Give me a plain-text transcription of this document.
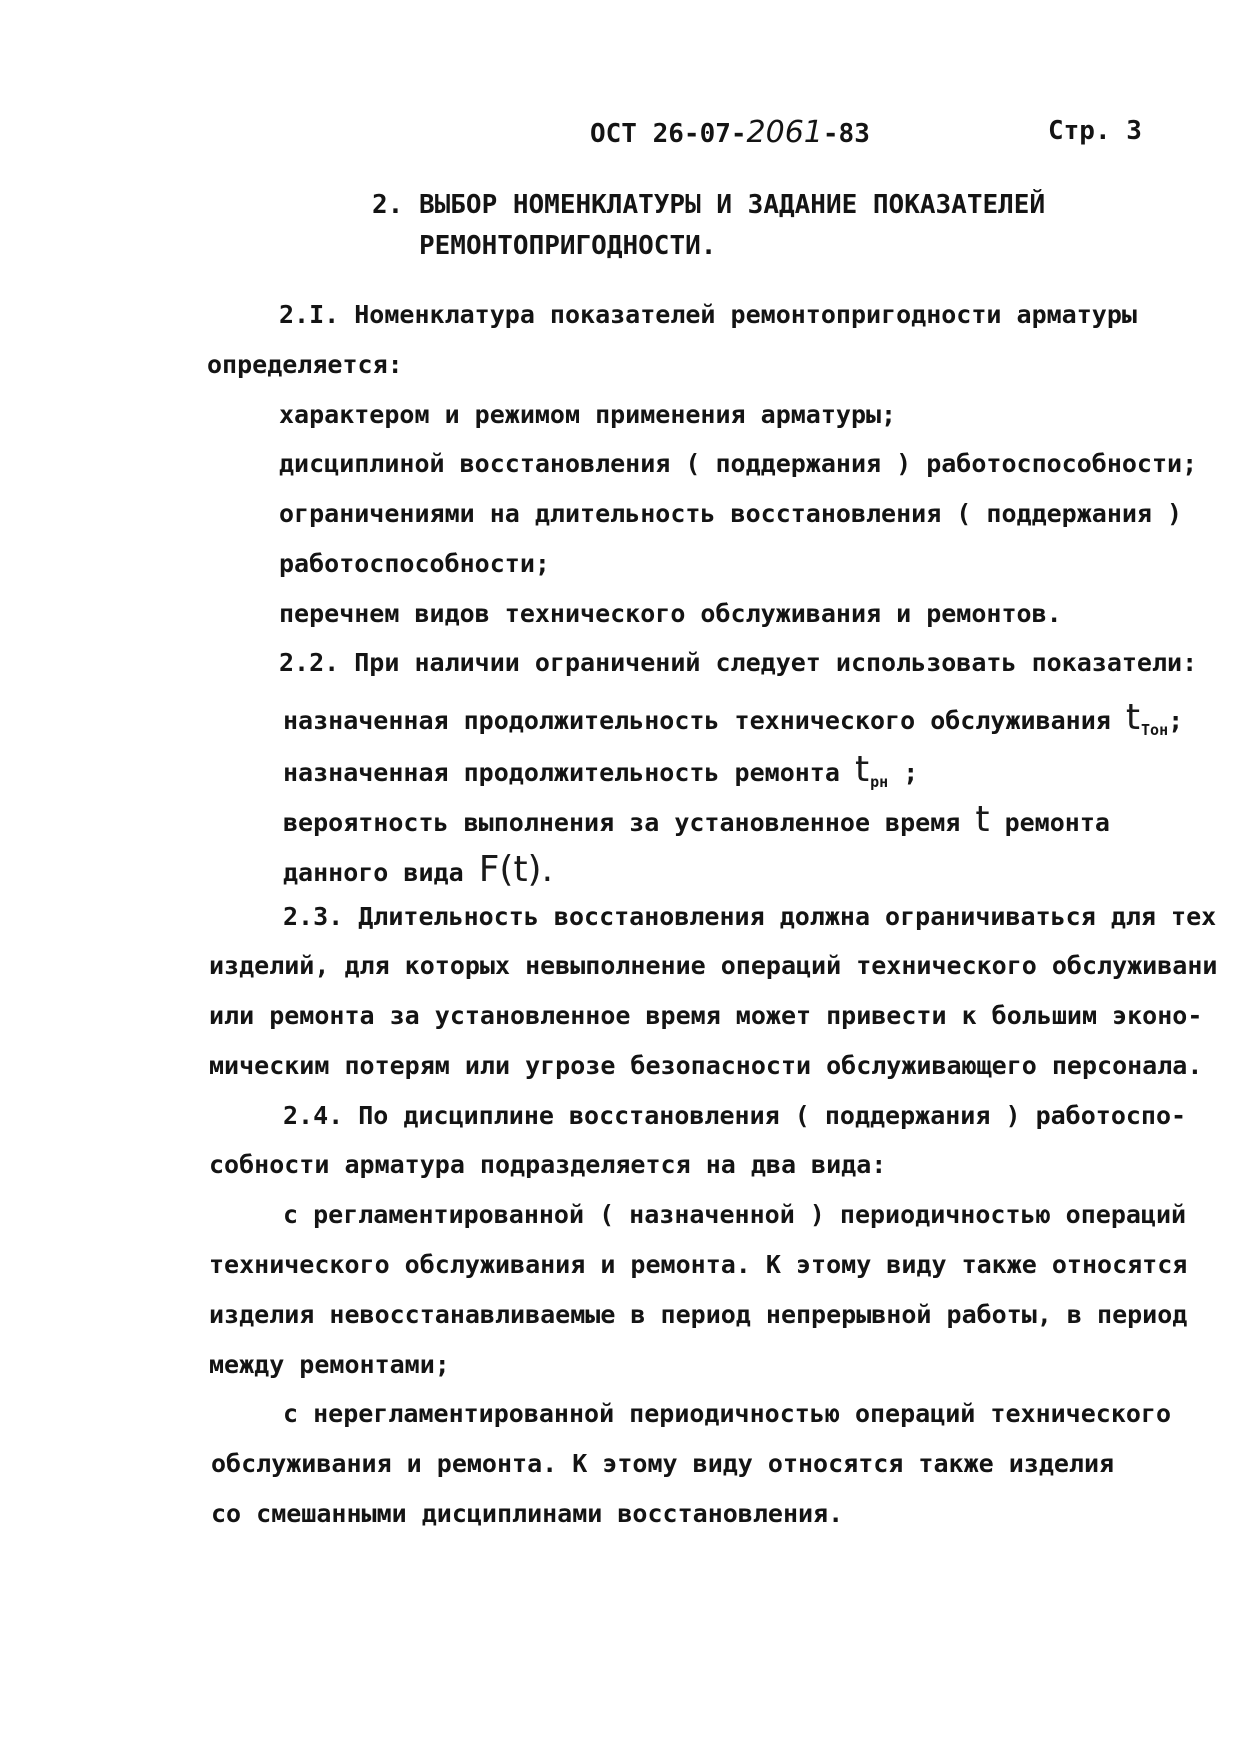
ОСТ 26-07-2061-83	Стр. 3
2. ВЫБОР НОМЕНКЛАТУРЫ И ЗАДАНИЕ ПОКАЗАТЕЛЕЙ
РЕМОНТОПРИГОДНОСТИ.
2.I. Номенклатура показателей ремонтопригодности арматуры
определяется:
характером и режимом применения арматуры;
дисциплиной восстановления ( поддержания ) работоспособности;
ограничениями на длительность восстановления ( поддержания )
работоспособности;
перечнем видов технического обслуживания и ремонтов.
2.2. При наличии ограничений следует использовать показатели:
назначенная продолжительность технического обслуживания $t_{Тон}$;
назначенная продолжительность ремонта $t_{рн}$ ;
вероятность выполнения за установленное время t ремонта
данного вида F(t).
2.3. Длительность восстановления должна ограничиваться для тех
изделий, для которых невыполнение операций технического обслуживани
или ремонта за установленное время может привести к большим эконо-
мическим потерям или угрозе безопасности обслуживающего персонала.
2.4. По дисциплине восстановления ( поддержания ) работоспо-
собности арматура подразделяется на два вида:
с регламентированной ( назначенной ) периодичностью операций
технического обслуживания и ремонта. К этому виду также относятся
изделия невосстанавливаемые в период непрерывной работы, в период
между ремонтами;
с нерегламентированной периодичностью операций технического
обслуживания и ремонта. К этому виду относятся также изделия
со смешанными дисциплинами восстановления.
